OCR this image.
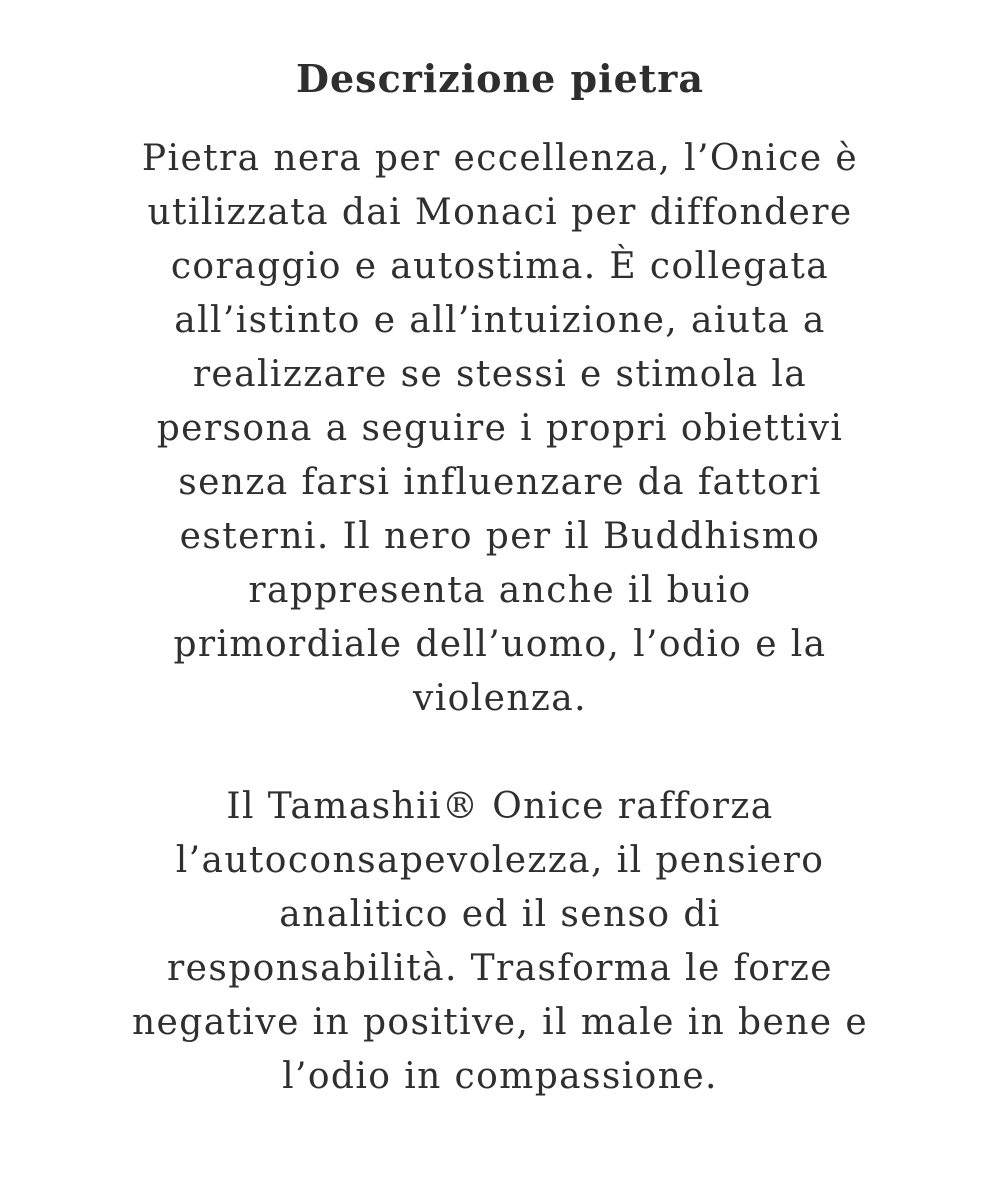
Descrizione pietra

Pietra nera per eccellenza, l’Onice è
utilizzata dai Monaci per diffondere
coraggio e autostima. È collegata
all’istinto e all’intuizione, aiuta a
realizzare se stessi e stimola la
persona a seguire i propri obiettivi
senza farsi influenzare da fattori
esterni. Il nero per il Buddhismo
rappresenta anche il buio
primordiale dell’uomo, l’odio e la
violenza.

Il Tamashii® Onice rafforza
l’autoconsapevolezza, il pensiero
analitico ed il senso di
responsabilità. Trasforma le forze
negative in positive, il male in bene e
l’odio in compassione.
